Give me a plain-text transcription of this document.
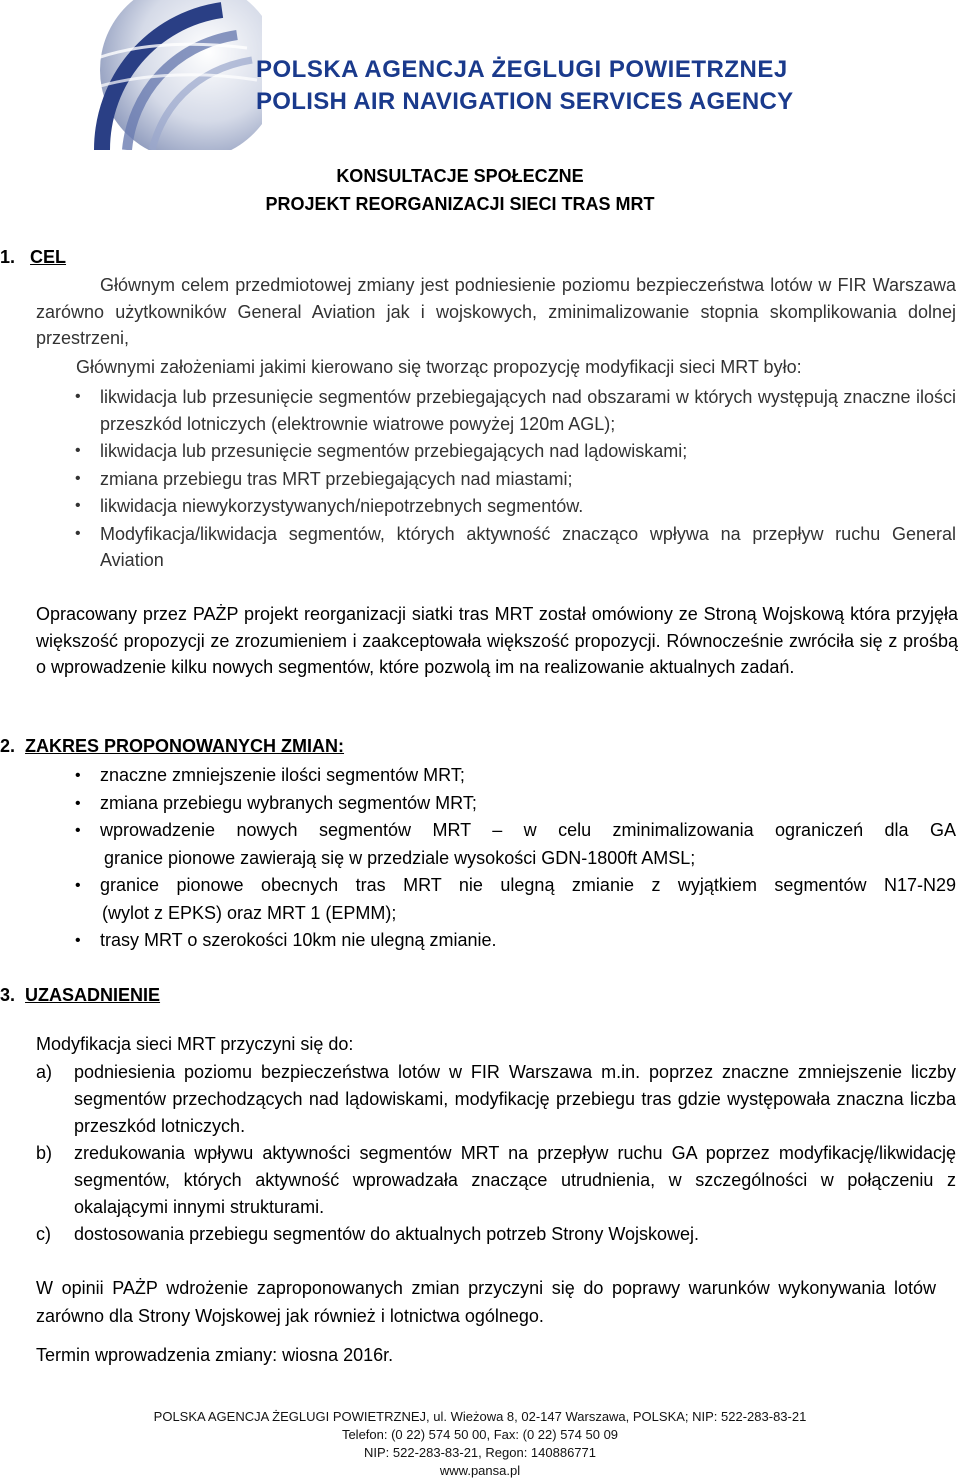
POLSKA AGENCJA ŻEGLUGI POWIETRZNEJ
POLISH AIR NAVIGATION SERVICES AGENCY
KONSULTACJE SPOŁECZNE
PROJEKT REORGANIZACJI SIECI TRAS MRT
1. CEL
Głównym celem przedmiotowej zmiany jest podniesienie poziomu bezpieczeństwa lotów w FIR Warszawa zarówno użytkowników General Aviation jak i wojskowych, zminimalizowanie stopnia skomplikowania dolnej przestrzeni,
Głównymi założeniami jakimi kierowano się tworząc propozycję modyfikacji sieci MRT było:
• likwidacja lub przesunięcie segmentów przebiegających nad obszarami w których występują znaczne ilości przeszkód lotniczych (elektrownie wiatrowe powyżej 120m AGL);
• likwidacja lub przesunięcie segmentów przebiegających nad lądowiskami;
• zmiana przebiegu tras MRT przebiegających nad miastami;
• likwidacja niewykorzystywanych/niepotrzebnych segmentów.
• Modyfikacja/likwidacja segmentów, których aktywność znacząco wpływa na przepływ ruchu General Aviation
Opracowany przez PAŻP projekt reorganizacji siatki tras MRT został omówiony ze Stroną Wojskową która przyjęła większość propozycji ze zrozumieniem i zaakceptowała większość propozycji. Równocześnie zwróciła się z prośbą o wprowadzenie kilku nowych segmentów, które pozwolą im na realizowanie aktualnych zadań.
2. ZAKRES PROPONOWANYCH ZMIAN:
• znaczne zmniejszenie ilości segmentów MRT;
• zmiana przebiegu wybranych segmentów MRT;
• wprowadzenie nowych segmentów MRT – w celu zminimalizowania ograniczeń dla GA
granice pionowe zawierają się w przedziale wysokości GDN-1800ft AMSL;
• granice pionowe obecnych tras MRT nie ulegną zmianie z wyjątkiem segmentów N17-N29
(wylot z EPKS) oraz MRT 1 (EPMM);
• trasy MRT o szerokości 10km nie ulegną zmianie.
3. UZASADNIENIE
Modyfikacja sieci MRT przyczyni się do:
a) podniesienia poziomu bezpieczeństwa lotów w FIR Warszawa m.in. poprzez znaczne zmniejszenie liczby segmentów przechodzących nad lądowiskami, modyfikację przebiegu tras gdzie występowała znaczna liczba przeszkód lotniczych.
b) zredukowania wpływu aktywności segmentów MRT na przepływ ruchu GA poprzez modyfikację/likwidację segmentów, których aktywność wprowadzała znaczące utrudnienia, w szczególności w połączeniu z okalającymi innymi strukturami.
c) dostosowania przebiegu segmentów do aktualnych potrzeb Strony Wojskowej.
W opinii PAŻP wdrożenie zaproponowanych zmian przyczyni się do poprawy warunków wykonywania lotów zarówno dla Strony Wojskowej jak również i lotnictwa ogólnego.
Termin wprowadzenia zmiany: wiosna 2016r.
POLSKA AGENCJA ŻEGLUGI POWIETRZNEJ, ul. Wieżowa 8, 02-147 Warszawa, POLSKA; NIP: 522-283-83-21
Telefon: (0 22) 574 50 00, Fax: (0 22) 574 50 09
NIP: 522-283-83-21, Regon: 140886771
www.pansa.pl
